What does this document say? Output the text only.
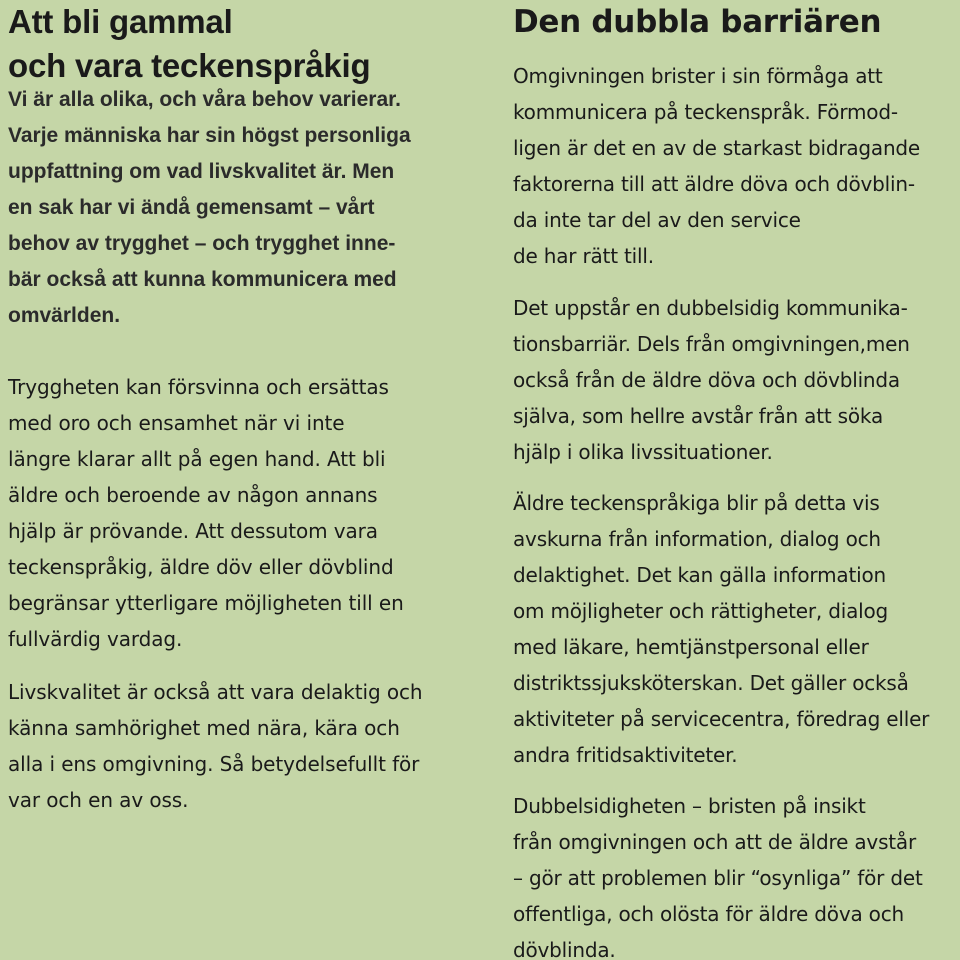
Att bli gammal
och vara teckenspråkig

Vi är alla olika, och våra behov varierar.
Varje människa har sin högst personliga
uppfattning om vad livskvalitet är. Men
en sak har vi ändå gemensamt – vårt
behov av trygghet – och trygghet inne-
bär också att kunna kommunicera med
omvärlden.

Tryggheten kan försvinna och ersättas
med oro och ensamhet när vi inte
längre klarar allt på egen hand. Att bli
äldre och beroende av någon annans
hjälp är prövande. Att dessutom vara
teckenspråkig, äldre döv eller dövblind
begränsar ytterligare möjligheten till en
fullvärdig vardag.

Livskvalitet är också att vara delaktig och
känna samhörighet med nära, kära och
alla i ens omgivning. Så betydelsefullt för
var och en av oss.

Den dubbla barriären

Omgivningen brister i sin förmåga att
kommunicera på teckenspråk. Förmod-
ligen är det en av de starkast bidragande
faktorerna till att äldre döva och dövblin-
da inte tar del av den service
de har rätt till.

Det uppstår en dubbelsidig kommunika-
tionsbarriär. Dels från omgivningen,men
också från de äldre döva och dövblinda
själva, som hellre avstår från att söka
hjälp i olika livssituationer.

Äldre teckenspråkiga blir på detta vis
avskurna från information, dialog och
delaktighet. Det kan gälla information
om möjligheter och rättigheter, dialog
med läkare, hemtjänstpersonal eller
distriktssjuksköterskan. Det gäller också
aktiviteter på servicecentra, föredrag eller
andra fritidsaktiviteter.

Dubbelsidigheten – bristen på insikt
från omgivningen och att de äldre avstår
– gör att problemen blir “osynliga” för det
offentliga, och olösta för äldre döva och
dövblinda.
